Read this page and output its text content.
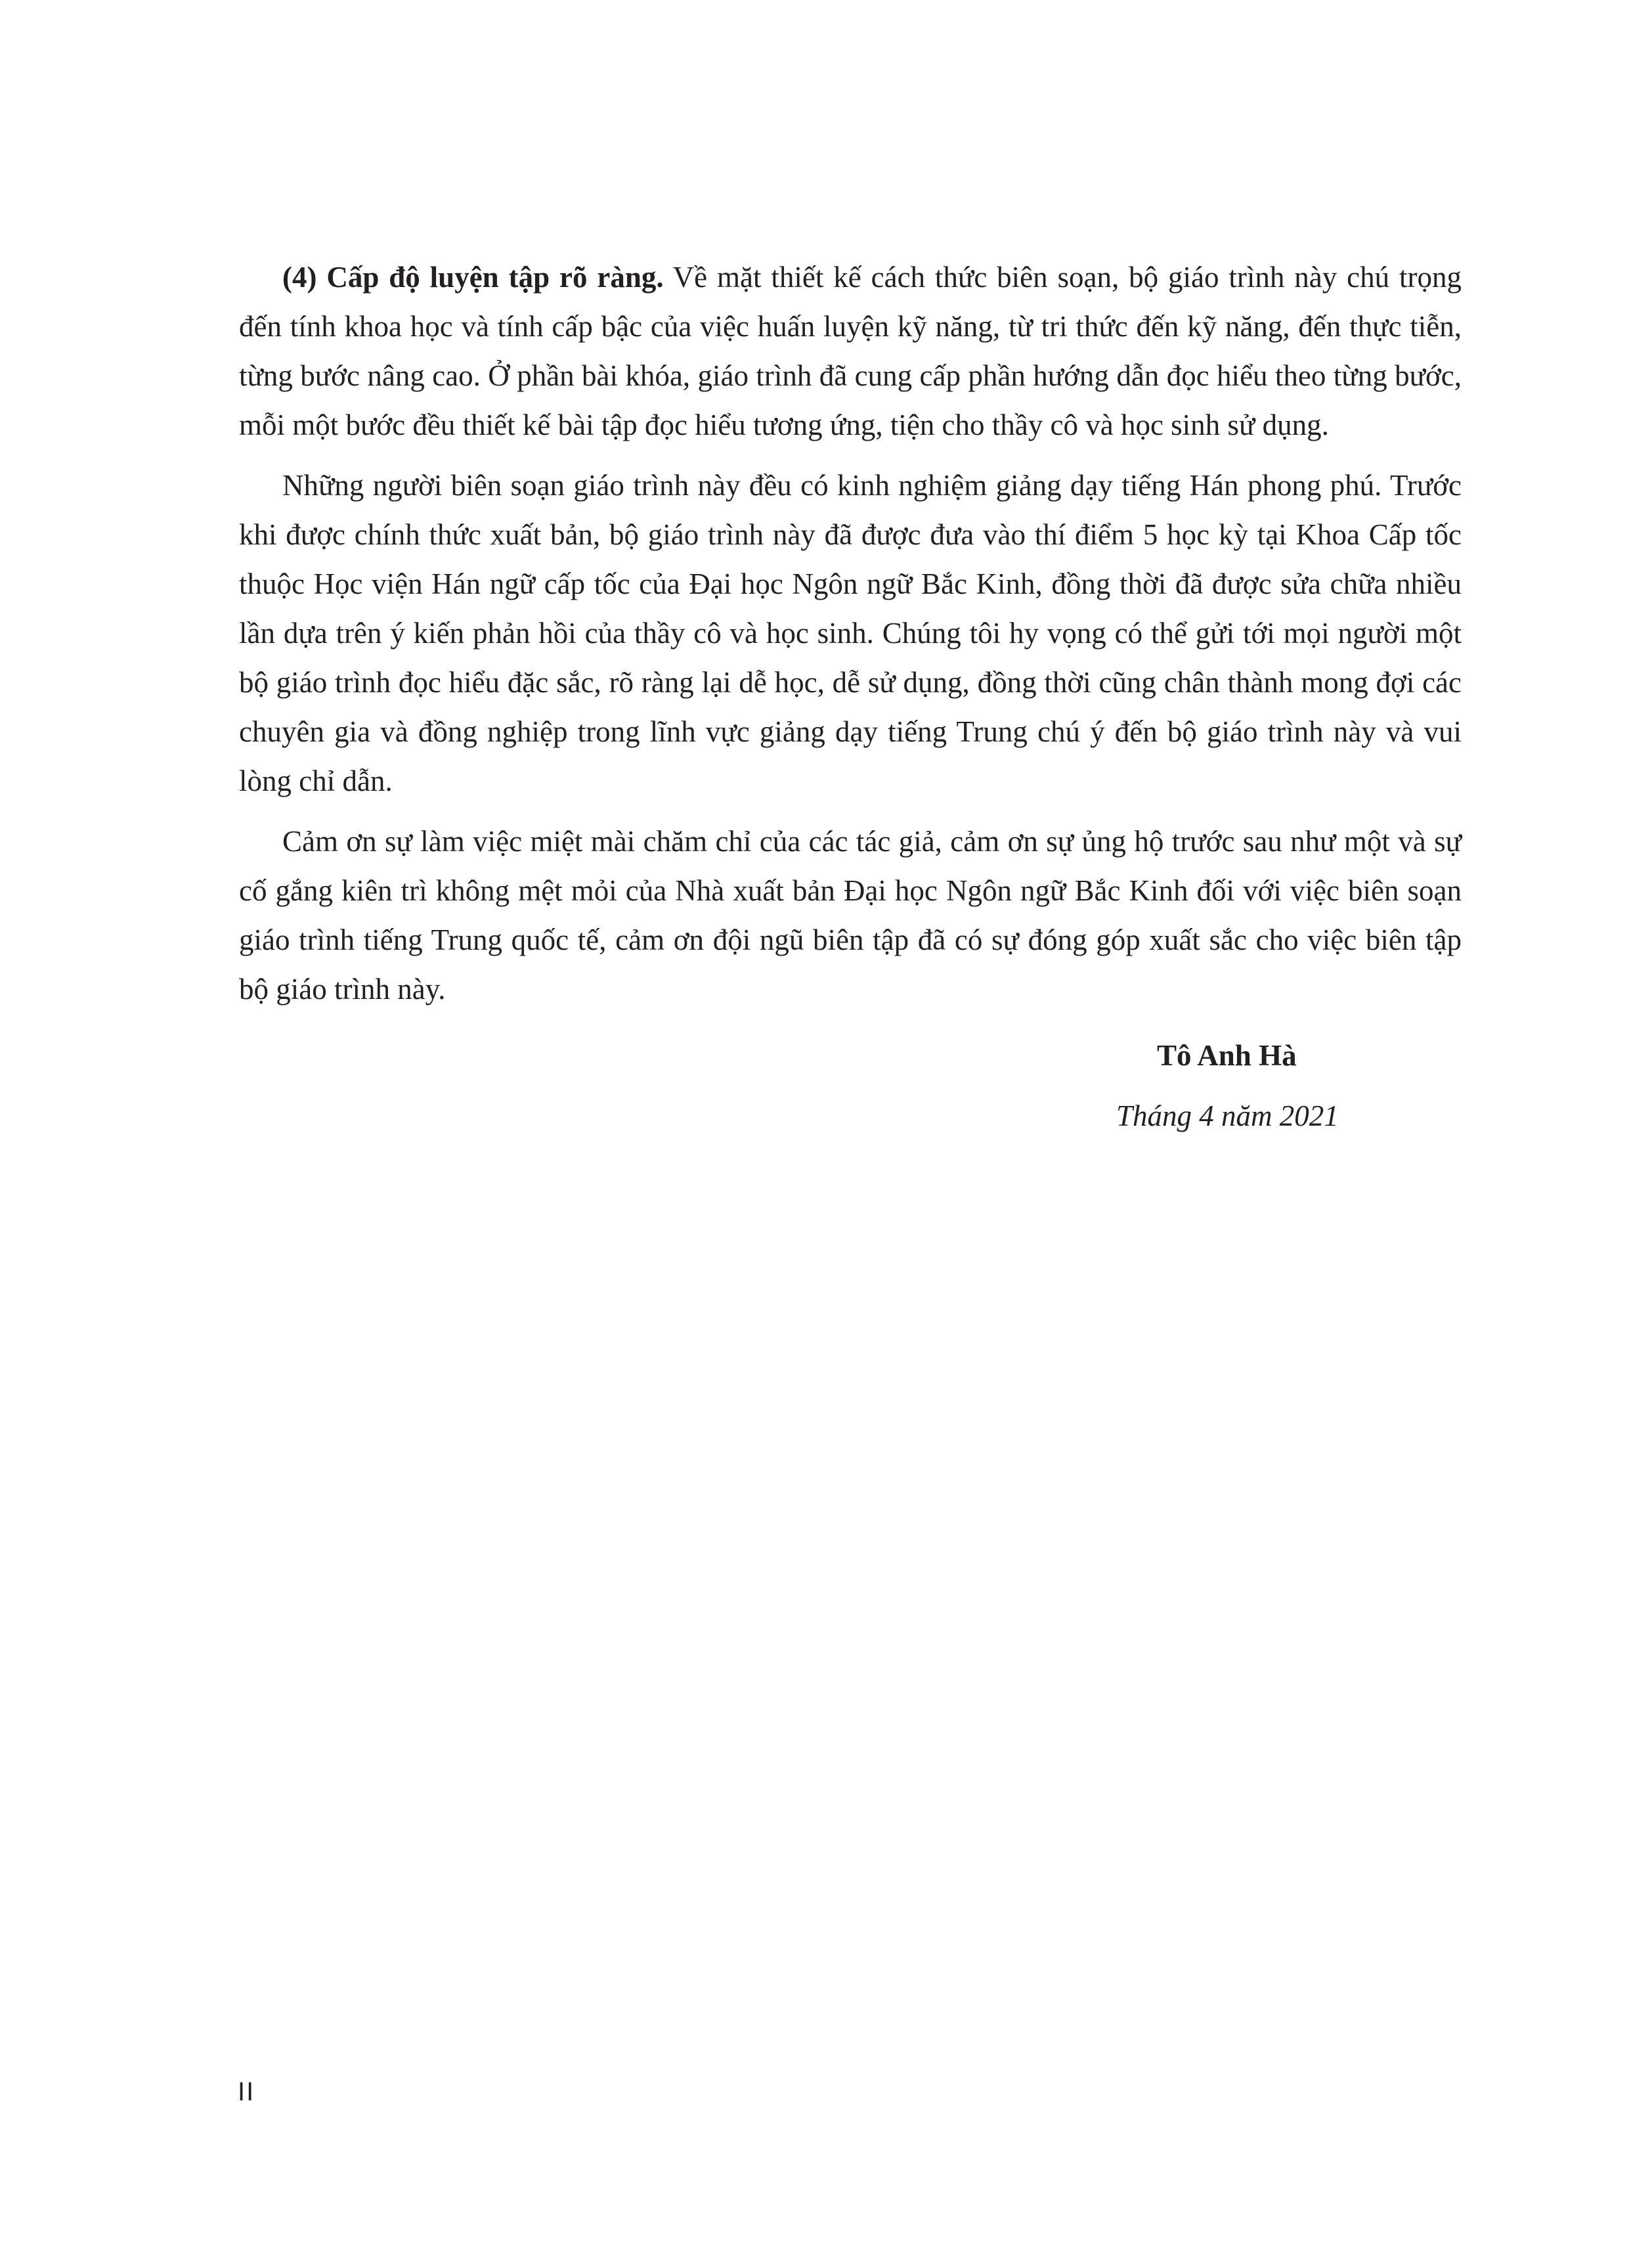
(4) Cấp độ luyện tập rõ ràng. Về mặt thiết kế cách thức biên soạn, bộ giáo trình này chú trọng đến tính khoa học và tính cấp bậc của việc huấn luyện kỹ năng, từ tri thức đến kỹ năng, đến thực tiễn, từng bước nâng cao. Ở phần bài khóa, giáo trình đã cung cấp phần hướng dẫn đọc hiểu theo từng bước, mỗi một bước đều thiết kế bài tập đọc hiểu tương ứng, tiện cho thầy cô và học sinh sử dụng.

Những người biên soạn giáo trình này đều có kinh nghiệm giảng dạy tiếng Hán phong phú. Trước khi được chính thức xuất bản, bộ giáo trình này đã được đưa vào thí điểm 5 học kỳ tại Khoa Cấp tốc thuộc Học viện Hán ngữ cấp tốc của Đại học Ngôn ngữ Bắc Kinh, đồng thời đã được sửa chữa nhiều lần dựa trên ý kiến phản hồi của thầy cô và học sinh. Chúng tôi hy vọng có thể gửi tới mọi người một bộ giáo trình đọc hiểu đặc sắc, rõ ràng lại dễ học, dễ sử dụng, đồng thời cũng chân thành mong đợi các chuyên gia và đồng nghiệp trong lĩnh vực giảng dạy tiếng Trung chú ý đến bộ giáo trình này và vui lòng chỉ dẫn.

Cảm ơn sự làm việc miệt mài chăm chỉ của các tác giả, cảm ơn sự ủng hộ trước sau như một và sự cố gắng kiên trì không mệt mỏi của Nhà xuất bản Đại học Ngôn ngữ Bắc Kinh đối với việc biên soạn giáo trình tiếng Trung quốc tế, cảm ơn đội ngũ biên tập đã có sự đóng góp xuất sắc cho việc biên tập bộ giáo trình này.

Tô Anh Hà
Tháng 4 năm 2021
II
